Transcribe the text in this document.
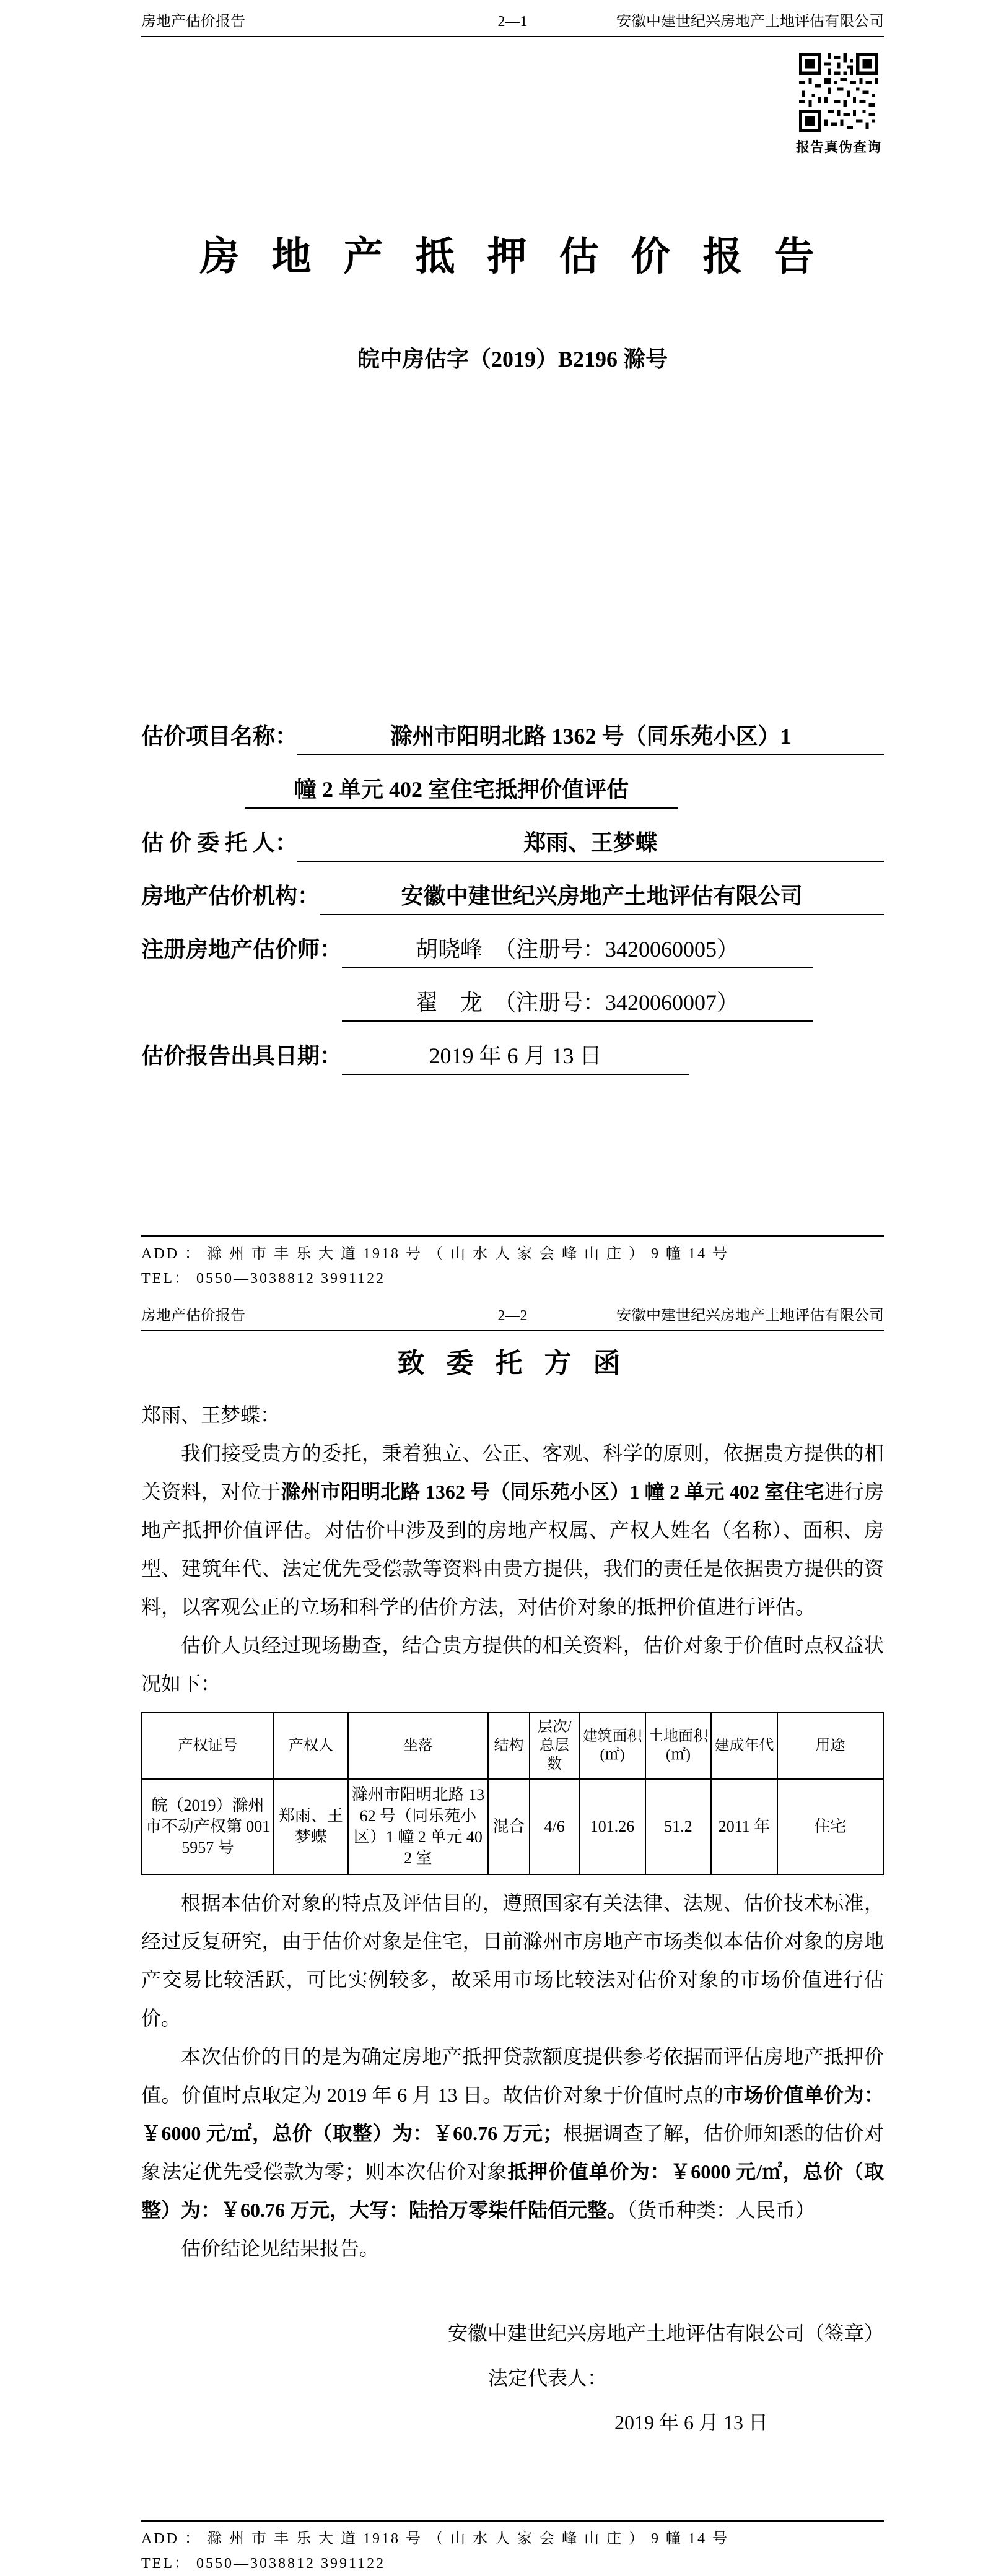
房地产估价报告	2—1	安徽中建世纪兴房地产土地评估有限公司
房 地 产 抵 押 估 价 报 告
皖中房估字（2019）B2196 滁号
估价项目名称：	滁州市阳明北路 1362 号（同乐苑小区）1
幢 2 单元 402 室住宅抵押价值评估
估 价 委 托 人：	郑雨、王梦蝶
房地产估价机构：	安徽中建世纪兴房地产土地评估有限公司
注册房地产估价师：	胡晓峰　（注册号：3420060005）
翟　龙　（注册号：3420060007）
估价报告出具日期：	2019 年 6 月 13 日
报告真伪查询
ADD ： 滁 州 市 丰 乐 大 道 1918 号 （ 山 水 人 家 会 峰 山 庄 ） 9 幢 14 号
TEL： 0550—3038812 3991122
房地产估价报告	2—2	安徽中建世纪兴房地产土地评估有限公司
致 委 托 方 函
郑雨、王梦蝶：

我们接受贵方的委托，秉着独立、公正、客观、科学的原则，依据贵方提供的相关资料，对位于滁州市阳明北路 1362 号（同乐苑小区）1 幢 2 单元 402 室住宅进行房地产抵押价值评估。对估价中涉及到的房地产权属、产权人姓名（名称）、面积、房型、建筑年代、法定优先受偿款等资料由贵方提供，我们的责任是依据贵方提供的资料，以客观公正的立场和科学的估价方法，对估价对象的抵押价值进行评估。

估价人员经过现场勘查，结合贵方提供的相关资料，估价对象于价值时点权益状况如下：

产权证号	产权人	坐落	结构	层次/总层数	建筑面积(㎡)	土地面积(㎡)	建成年代	用途
皖（2019）滁州市不动产权第 0015957 号	郑雨、王梦蝶	滁州市阳明北路 1362 号（同乐苑小区）1 幢 2 单元 402 室	混合	4/6	101.26	51.2	2011 年	住宅

根据本估价对象的特点及评估目的，遵照国家有关法律、法规、估价技术标准，经过反复研究，由于估价对象是住宅，目前滁州市房地产市场类似本估价对象的房地产交易比较活跃，可比实例较多，故采用市场比较法对估价对象的市场价值进行估价。

本次估价的目的是为确定房地产抵押贷款额度提供参考依据而评估房地产抵押价值。价值时点取定为 2019 年 6 月 13 日。故估价对象于价值时点的市场价值单价为：￥6000 元/㎡，总价（取整）为：￥60.76 万元；根据调查了解，估价师知悉的估价对象法定优先受偿款为零；则本次估价对象抵押价值单价为：￥6000 元/㎡，总价（取整）为：￥60.76 万元，大写：陆拾万零柒仟陆佰元整。（货币种类：人民币）

估价结论见结果报告。

安徽中建世纪兴房地产土地评估有限公司（签章）
法定代表人：
2019 年 6 月 13 日
ADD ： 滁 州 市 丰 乐 大 道 1918 号 （ 山 水 人 家 会 峰 山 庄 ） 9 幢 14 号
TEL： 0550—3038812 3991122
